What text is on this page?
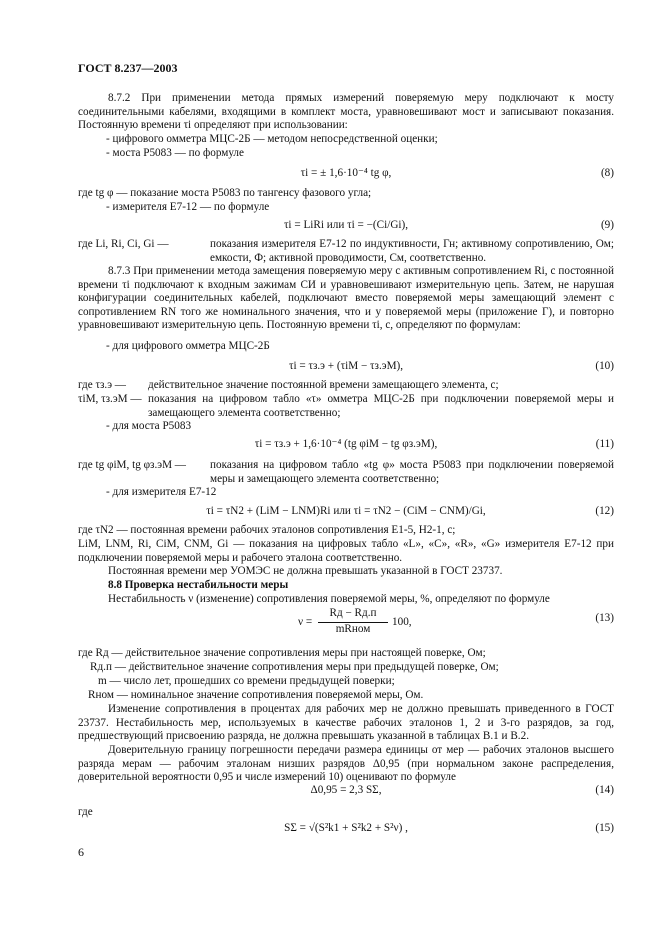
ГОСТ 8.237—2003
8.7.2 При применении метода прямых измерений поверяемую меру подключают к мосту соединительными кабелями, входящими в комплект моста, уравновешивают мост и записывают показания. Постоянную времени τi определяют при использовании:
- цифрового омметра МЦС-2Б — методом непосредственной оценки;
- моста Р5083 — по формуле
τi = ± 1,6·10⁻⁴ tg φ,	(8)
где tg φ — показание моста Р5083 по тангенсу фазового угла;
- измерителя Е7-12 — по формуле
τi = LiRi или τi = −(Ci/Gi),	(9)
где Li, Ri, Ci, Gi —	показания измерителя Е7-12 по индуктивности, Гн; активному сопротивлению, Ом; емкости, Ф; активной проводимости, См, соответственно.
8.7.3 При применении метода замещения поверяемую меру с активным сопротивлением Ri, с постоянной времени τi подключают к входным зажимам СИ и уравновешивают измерительную цепь. Затем, не нарушая конфигурации соединительных кабелей, подключают вместо поверяемой меры замещающий элемент с сопротивлением RN того же номинального значения, что и у поверяемой меры (приложение Г), и повторно уравновешивают измерительную цепь. Постоянную времени τi, с, определяют по формулам:
- для цифрового омметра МЦС-2Б
τi = τз.э + (τiM − τз.эM),	(10)
где τз.э — действительное значение постоянной времени замещающего элемента, с;
τiM, τз.эM — показания на цифровом табло «τ» омметра МЦС-2Б при подключении поверяемой меры и замещающего элемента соответственно;
- для моста Р5083
τi = τз.э + 1,6·10⁻⁴ (tg φiM − tg φз.эM),	(11)
где tg φiM, tg φз.эM — показания на цифровом табло «tg φ» моста Р5083 при подключении поверяемой меры и замещающего элемента соответственно;
- для измерителя Е7-12
τi = τN2 + (LiM − LNM)Ri или τi = τN2 − (CiM − CNM)/Gi,	(12)
где τN2 — постоянная времени рабочих эталонов сопротивления Е1-5, Н2-1, с;
LiM, LNM, Ri, CiM, CNM, Gi — показания на цифровых табло «L», «С», «R», «G» измерителя Е7-12 при подключении поверяемой меры и рабочего эталона соответственно.
Постоянная времени мер УОМЭС не должна превышать указанной в ГОСТ 23737.
8.8 Проверка нестабильности меры
Нестабильность ν (изменение) сопротивления поверяемой меры, %, определяют по формуле
ν =
Rд − Rд.п
mRном
100,	(13)
где Rд — действительное значение сопротивления меры при настоящей поверке, Ом;
Rд.п — действительное значение сопротивления меры при предыдущей поверке, Ом;
m — число лет, прошедших со времени предыдущей поверки;
Rном — номинальное значение сопротивления поверяемой меры, Ом.
Изменение сопротивления в процентах для рабочих мер не должно превышать приведенного в ГОСТ 23737. Нестабильность мер, используемых в качестве рабочих эталонов 1, 2 и 3-го разрядов, за год, предшествующий присвоению разряда, не должна превышать указанной в таблицах В.1 и В.2.
Доверительную границу погрешности передачи размера единицы от мер — рабочих эталонов высшего разряда мерам — рабочим эталонам низших разрядов Δ0,95 (при нормальном законе распределения, доверительной вероятности 0,95 и числе измерений 10) оценивают по формуле
Δ0,95 = 2,3 SΣ,	(14)
где
SΣ = √(S²k1 + S²k2 + S²ν) ,	(15)
6
